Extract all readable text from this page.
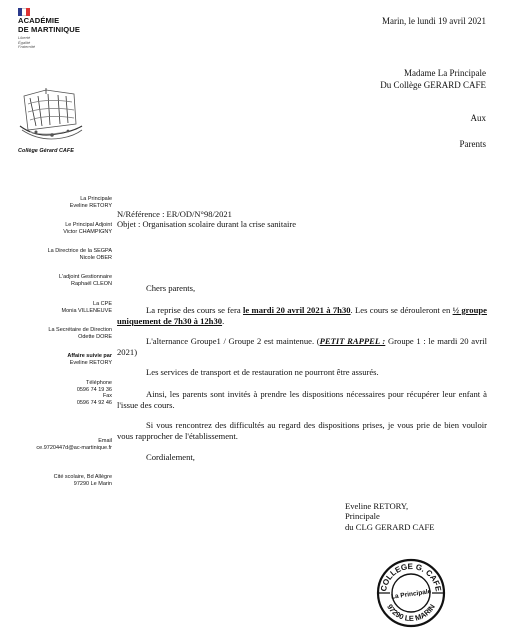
ACADÉMIE
DE MARTINIQUE
Liberté
Égalité
Fraternité
Collège Gérard CAFE
Marin, le lundi 19 avril 2021
Madame La Principale
Du Collège GERARD CAFE
Aux
Parents
La Principale
Eveline RETORY
Le Principal Adjoint
Victor CHAMPIGNY
La Directrice de la SEGPA
Nicole OBER
L'adjoint Gestionnaire
Raphaël CLEON
La CPE
Monia VILLENEUVE
La Secrétaire de Direction
Odette DORE
Affaire suivie par
Eveline RETORY
Téléphone
0596 74 19 36
Fax
0596 74 92 46
Email
ce.9720447d@ac-martinique.fr
Cité scolaire, Bd Allègre
97290 Le Marin
N/Référence : ER/OD/N°98/2021
Objet : Organisation scolaire durant la crise sanitaire
Chers parents,
La reprise des cours se fera le mardi 20 avril 2021 à 7h30. Les cours se dérouleront en ½ groupe uniquement de 7h30 à 12h30.
L'alternance Groupe1 / Groupe 2 est maintenue. (PETIT RAPPEL : Groupe 1 : le mardi 20 avril 2021)
Les services de transport et de restauration ne pourront être assurés.
Ainsi, les parents sont invités à prendre les dispositions nécessaires pour récupérer leur enfant à l'issue des cours.
Si vous rencontrez des difficultés au regard des dispositions prises, je vous prie de bien vouloir vous rapprocher de l'établissement.
Cordialement,
Eveline RETORY,
Principale
du CLG GERARD CAFE
COLLEGE G. CAFE
97290 LE MARIN
La Principale
